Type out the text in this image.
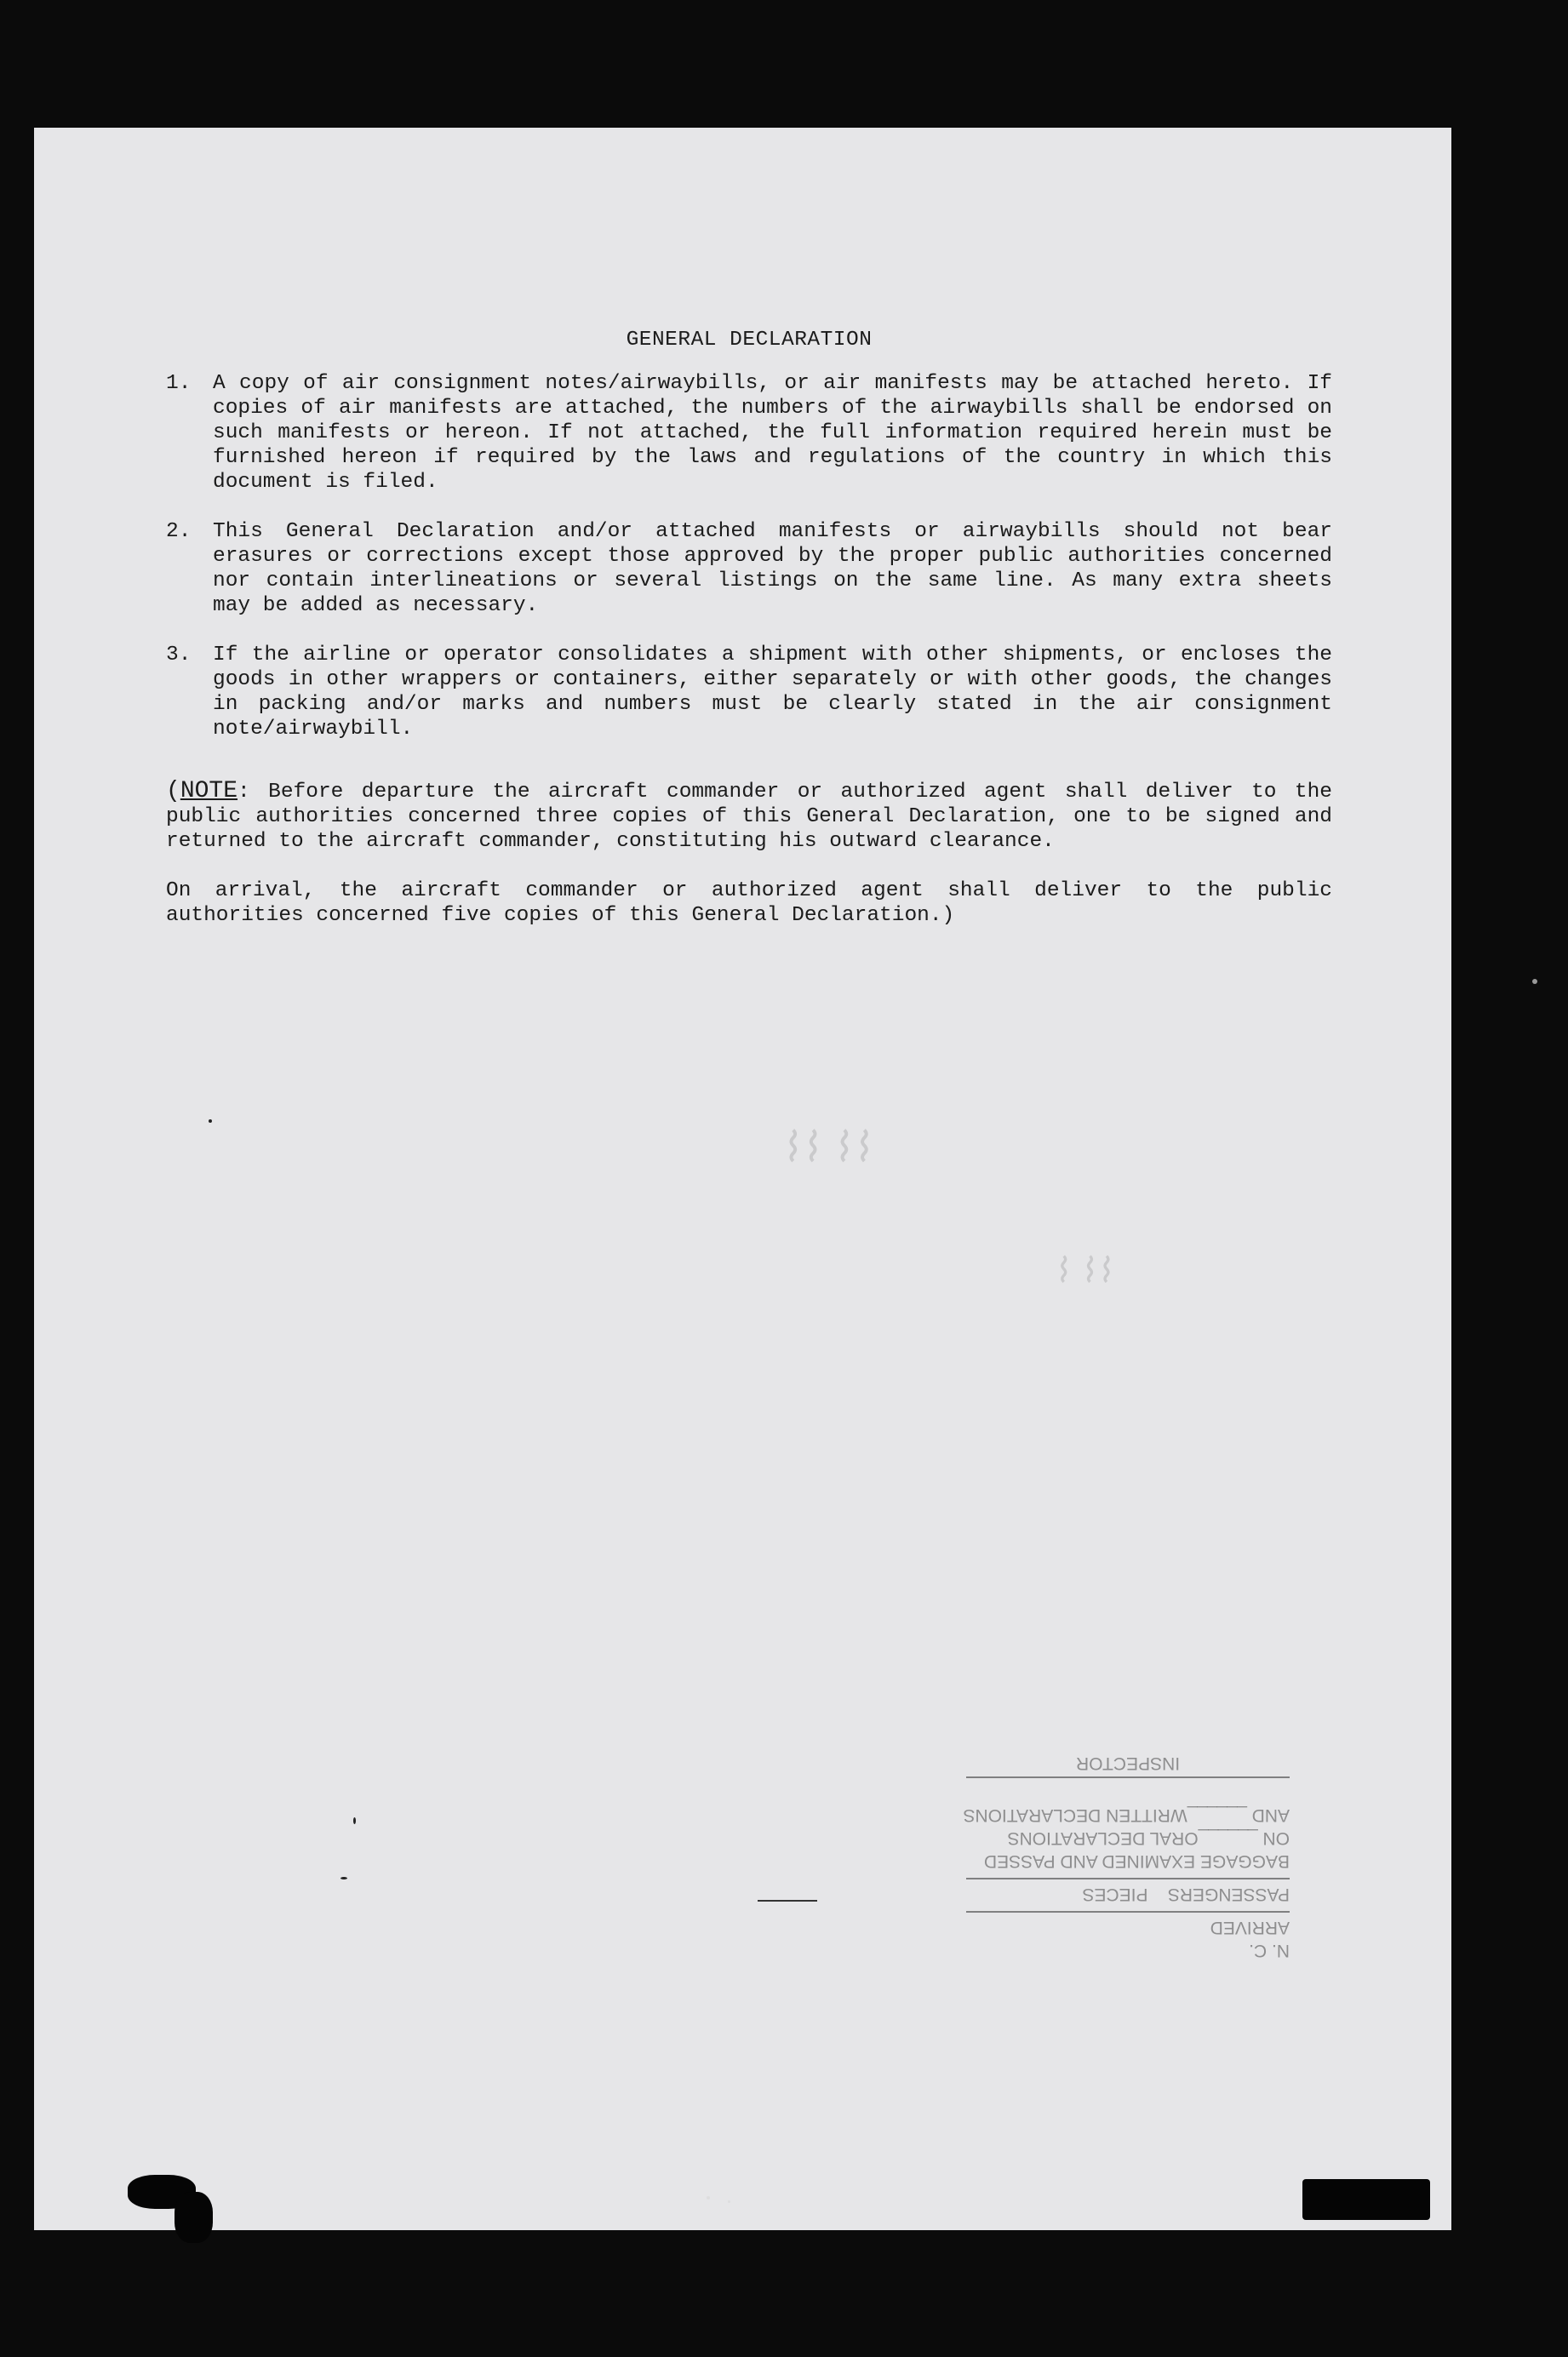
GENERAL DECLARATION
1.	A copy of air consignment notes/airwaybills, or air manifests may be attached hereto. If copies of air manifests are attached, the numbers of the airwaybills shall be endorsed on such manifests or hereon. If not attached, the full information required herein must be furnished hereon if required by the laws and regulations of the country in which this document is filed.
2.	This General Declaration and/or attached manifests or airwaybills should not bear erasures or corrections except those approved by the proper public authorities concerned nor contain interlineations or several listings on the same line. As many extra sheets may be added as necessary.
3.	If the airline or operator consolidates a shipment with other shipments, or encloses the goods in other wrappers or containers, either separately or with other goods, the changes in packing and/or marks and numbers must be clearly stated in the air consignment note/airwaybill.
(NOTE: Before departure the aircraft commander or authorized agent shall deliver to the public authorities concerned three copies of this General Declaration, one to be signed and returned to the aircraft commander, constituting his outward clearance.
On arrival, the aircraft commander or authorized agent shall deliver to the public authorities concerned five copies of this General Declaration.)
N. C.
ARRIVED
PASSENGERS    PIECES
BAGGAGE EXAMINED AND PASSED
ON ______ORAL DECLARATIONS
AND ______WRITTEN DECLARATIONS
INSPECTOR
⌇⌇ ⌇⌇
⌇⌇ ⌇
